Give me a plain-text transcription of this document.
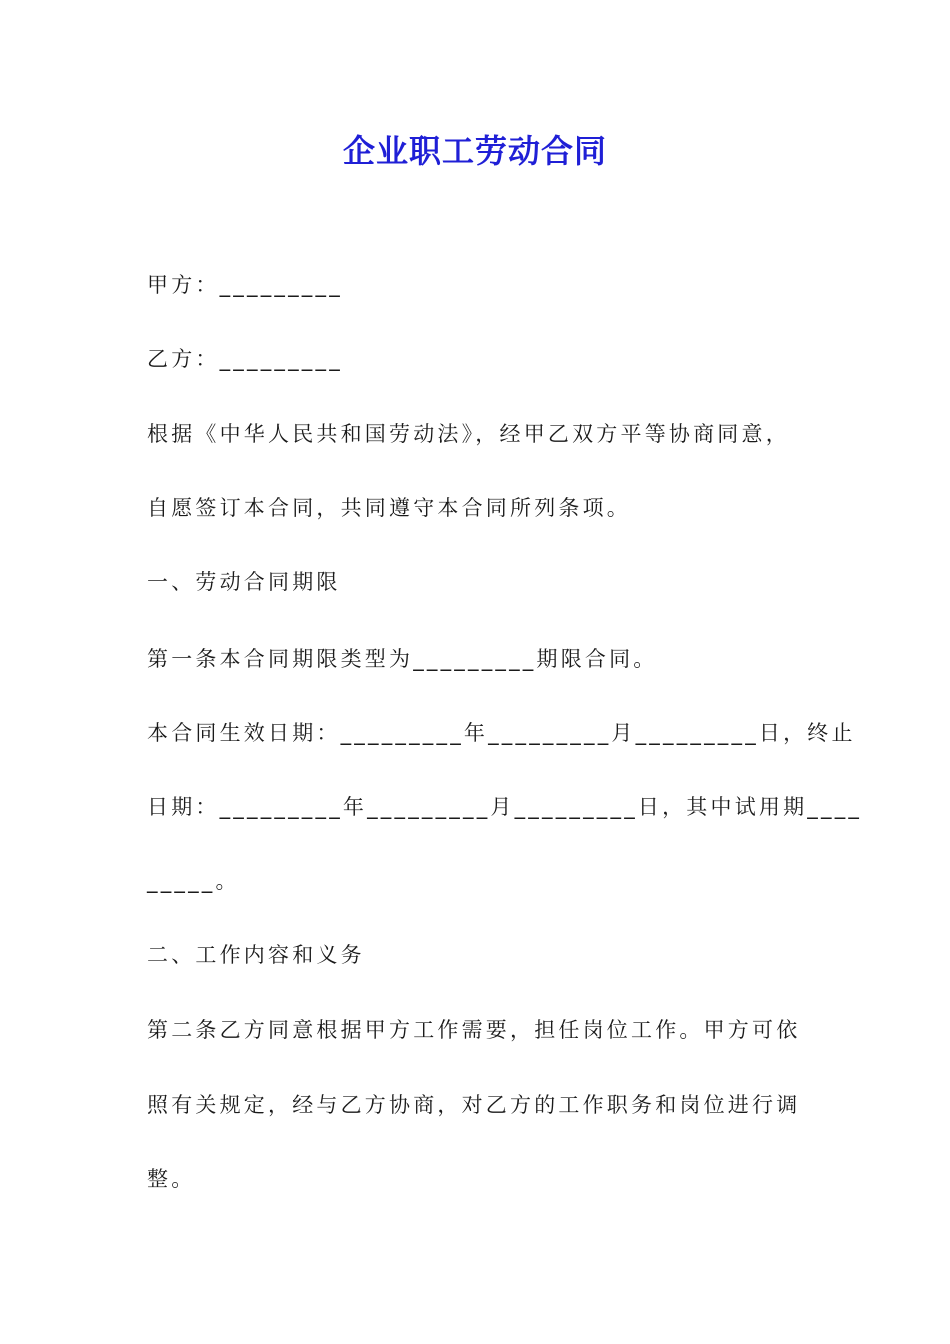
企业职工劳动合同
甲方：_________
乙方：_________
根据《中华人民共和国劳动法》，经甲乙双方平等协商同意，
自愿签订本合同，共同遵守本合同所列条项。
一、劳动合同期限
第一条本合同期限类型为_________期限合同。
本合同生效日期：_________年_________月_________日，终止
日期：_________年_________月_________日，其中试用期____
_____。
二、工作内容和义务
第二条乙方同意根据甲方工作需要，担任岗位工作。甲方可依
照有关规定，经与乙方协商，对乙方的工作职务和岗位进行调
整。
